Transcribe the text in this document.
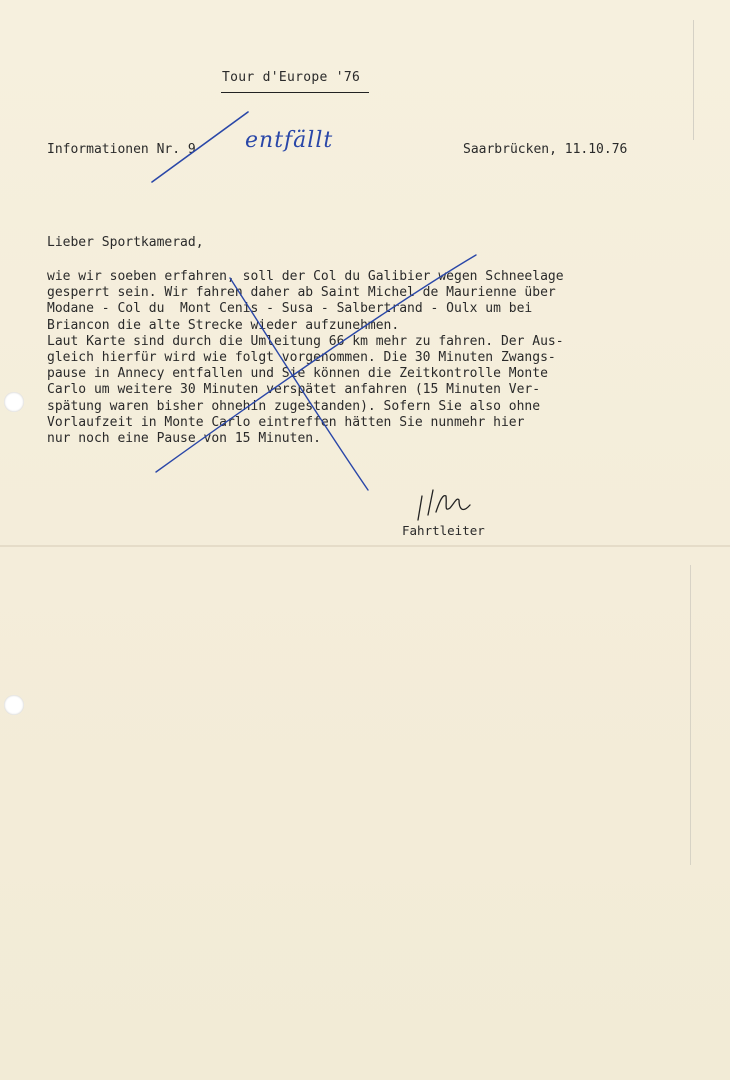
Tour d'Europe '76
Informationen Nr. 9 entfällt	Saarbrücken, 11.10.76
Lieber Sportkamerad,
wie wir soeben erfahren, soll der Col du Galibier wegen Schneelage
gesperrt sein. Wir fahren daher ab Saint Michel de Maurienne über
Modane - Col du  Mont Cenis - Susa - Salbertrand - Oulx um bei
Briancon die alte Strecke wieder aufzunehmen.
Laut Karte sind durch die Umleitung 66 km mehr zu fahren. Der Aus-
gleich hierfür wird wie folgt vorgenommen. Die 30 Minuten Zwangs-
pause in Annecy entfallen und Sie können die Zeitkontrolle Monte
Carlo um weitere 30 Minuten verspätet anfahren (15 Minuten Ver-
spätung waren bisher ohnehin zugestanden). Sofern Sie also ohne
Vorlaufzeit in Monte Carlo eintreffen hätten Sie nunmehr hier
nur noch eine Pause von 15 Minuten.
Fahrtleiter
